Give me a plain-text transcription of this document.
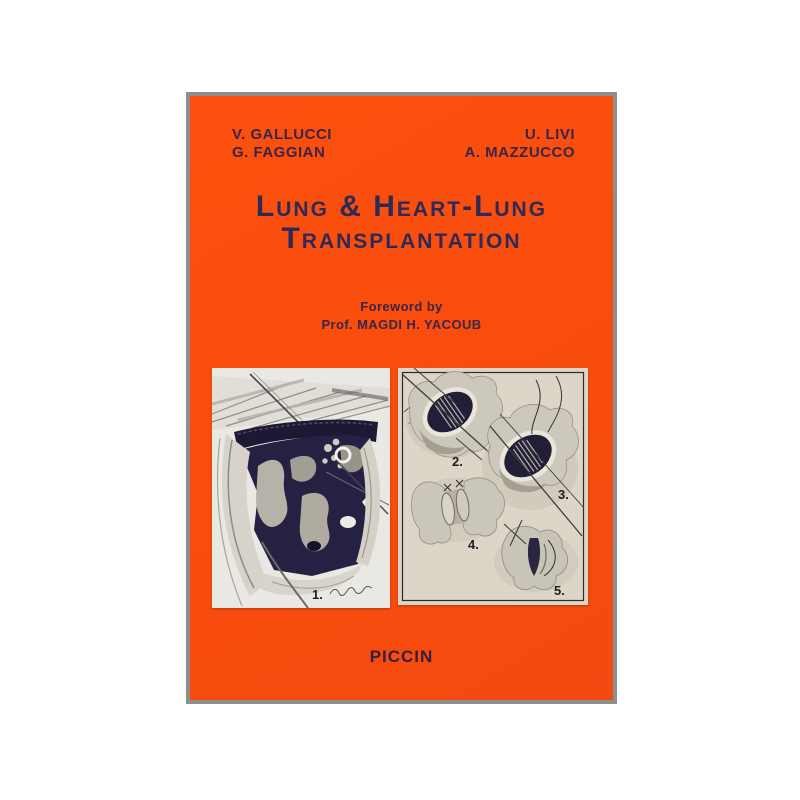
V. GALLUCCI
G. FAGGIAN
U. LIVI
A. MAZZUCCO
Lung & Heart-Lung
Transplantation
Foreword by
Prof. MAGDI H. YACOUB
1.
2.
3.
4.
5.
PICCIN
